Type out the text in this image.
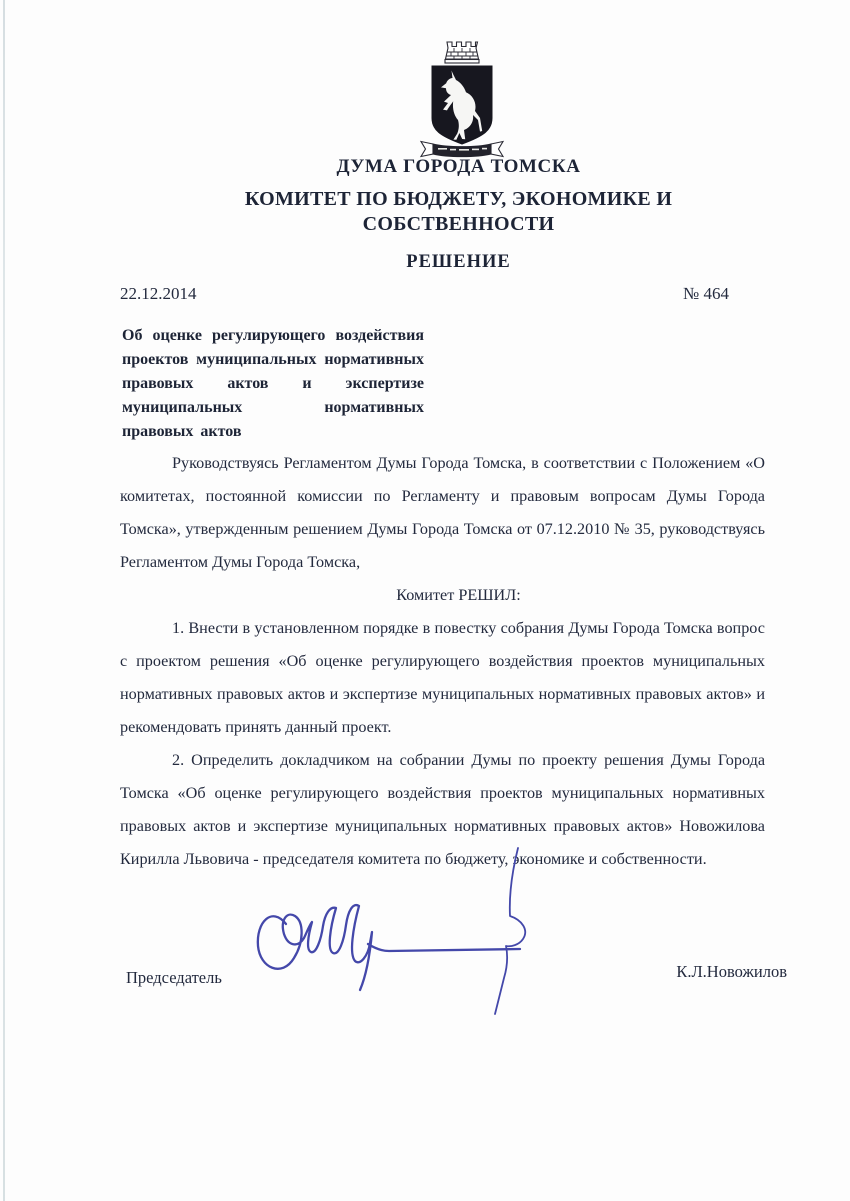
ДУМА ГОРОДА ТОМСКА
КОМИТЕТ ПО БЮДЖЕТУ, ЭКОНОМИКЕ И СОБСТВЕННОСТИ
РЕШЕНИЕ
22.12.2014	№ 464
Об оценке регулирующего воздействия проектов муниципальных нормативных правовых актов и экспертизе муниципальных нормативных правовых актов

Руководствуясь Регламентом Думы Города Томска, в соответствии с Положением «О комитетах, постоянной комиссии по Регламенту и правовым вопросам Думы Города Томска», утвержденным решением Думы Города Томска от 07.12.2010 № 35, руководствуясь Регламентом Думы Города Томска,

Комитет РЕШИЛ:

1. Внести в установленном порядке в повестку собрания Думы Города Томска вопрос с проектом решения «Об оценке регулирующего воздействия проектов муниципальных нормативных правовых актов и экспертизе муниципальных нормативных правовых актов» и рекомендовать принять данный проект.

2. Определить докладчиком на собрании Думы по проекту решения Думы Города Томска «Об оценке регулирующего воздействия проектов муниципальных нормативных правовых актов и экспертизе муниципальных нормативных правовых актов» Новожилова Кирилла Львовича - председателя комитета по бюджету, экономике и собственности.

Председатель	К.Л.Новожилов
